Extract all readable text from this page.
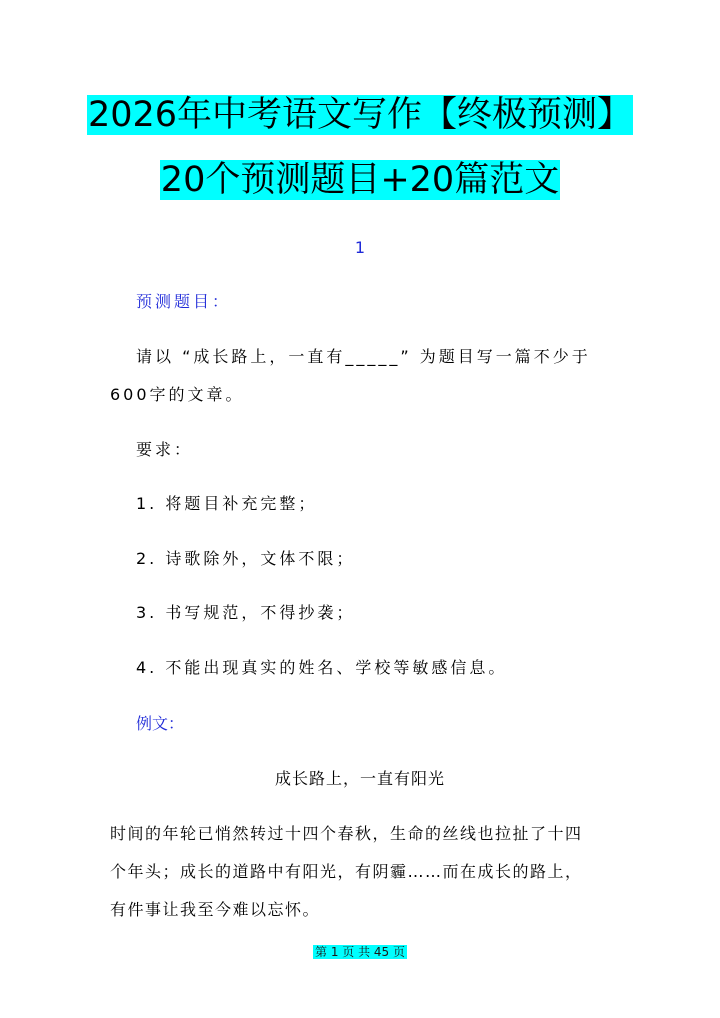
2026年中考语文写作【终极预测】
20个预测题目+20篇范文
1
预测题目：
请以 “成长路上，一直有_____” 为题目写一篇不少于
600字的文章。
要求：
1. 将题目补充完整；
2. 诗歌除外，文体不限；
3. 书写规范，不得抄袭；
4. 不能出现真实的姓名、学校等敏感信息。
例文：
成长路上，一直有阳光
时间的年轮已悄然转过十四个春秋，生命的丝线也拉扯了十四
个年头；成长的道路中有阳光，有阴霾……而在成长的路上，
有件事让我至今难以忘怀。
第 1 页 共 45 页
